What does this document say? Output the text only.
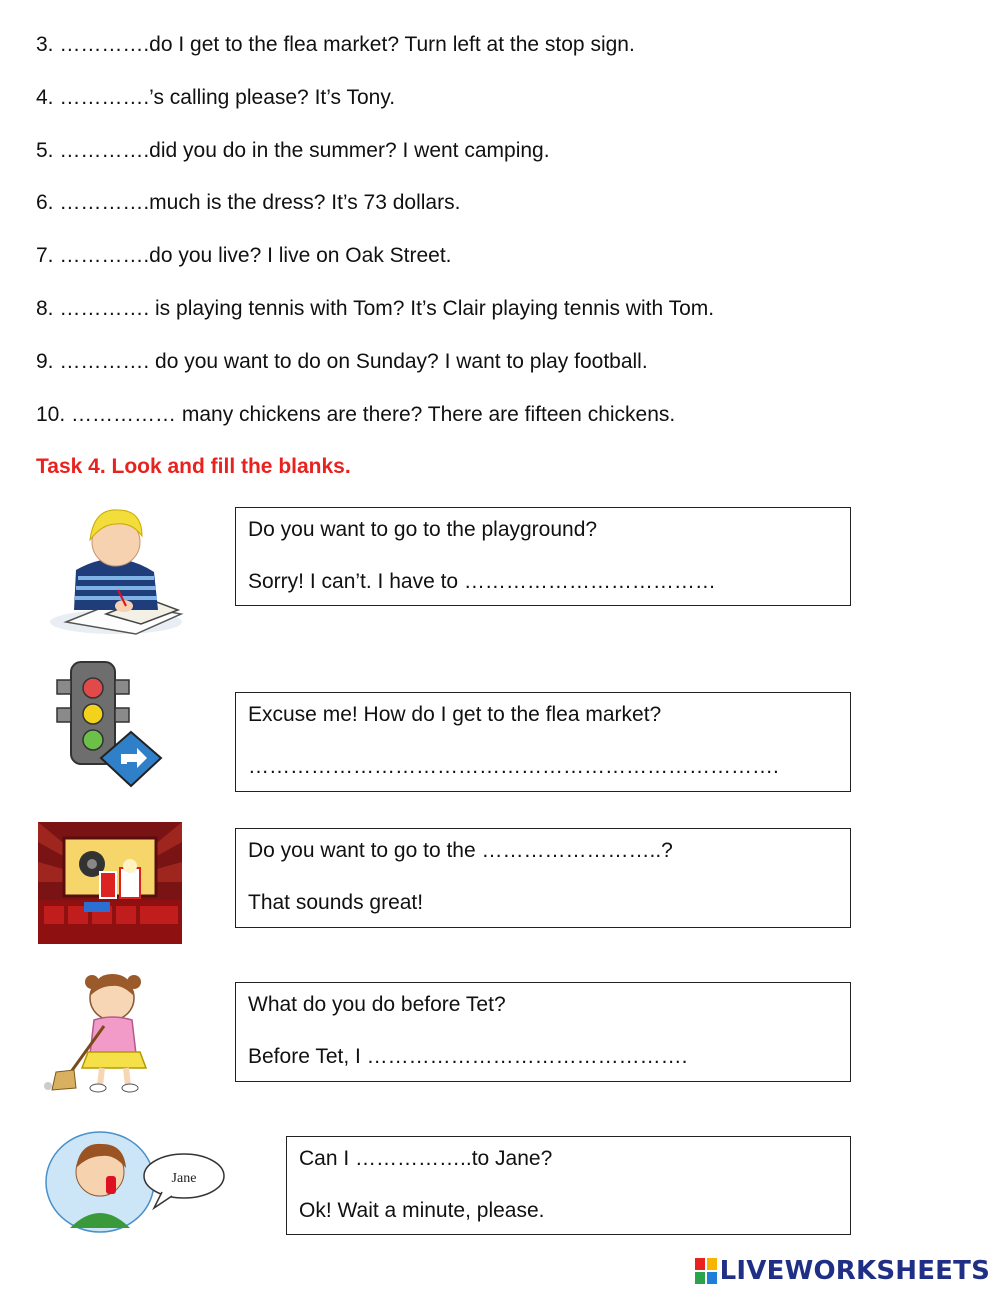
3. ………….do I get to the flea market? Turn left at the stop sign.
4. ………….’s calling please? It’s Tony.
5. ………….did you do in the summer? I went camping.
6. ………….much is the dress? It’s 73 dollars.
7. ………….do you live? I live on Oak Street.
8. …………. is playing tennis with Tom? It’s Clair playing tennis with Tom.
9. …………. do you want to do on Sunday? I want to play football.
10. …………… many chickens are there? There are fifteen chickens.
Task 4. Look and fill the blanks.
Do you want to go to the playground?
Sorry! I can’t. I have to ………………………………
Excuse me! How do I get to the flea market?
………………………………………………………………….
Do you want to go to the ……………………..?
That sounds great!
What do you do before Tet?
Before Tet, I ……………………………………….
Jane
Can I ……………..to Jane?
Ok! Wait a minute, please.
LIVEWORKSHEETS
